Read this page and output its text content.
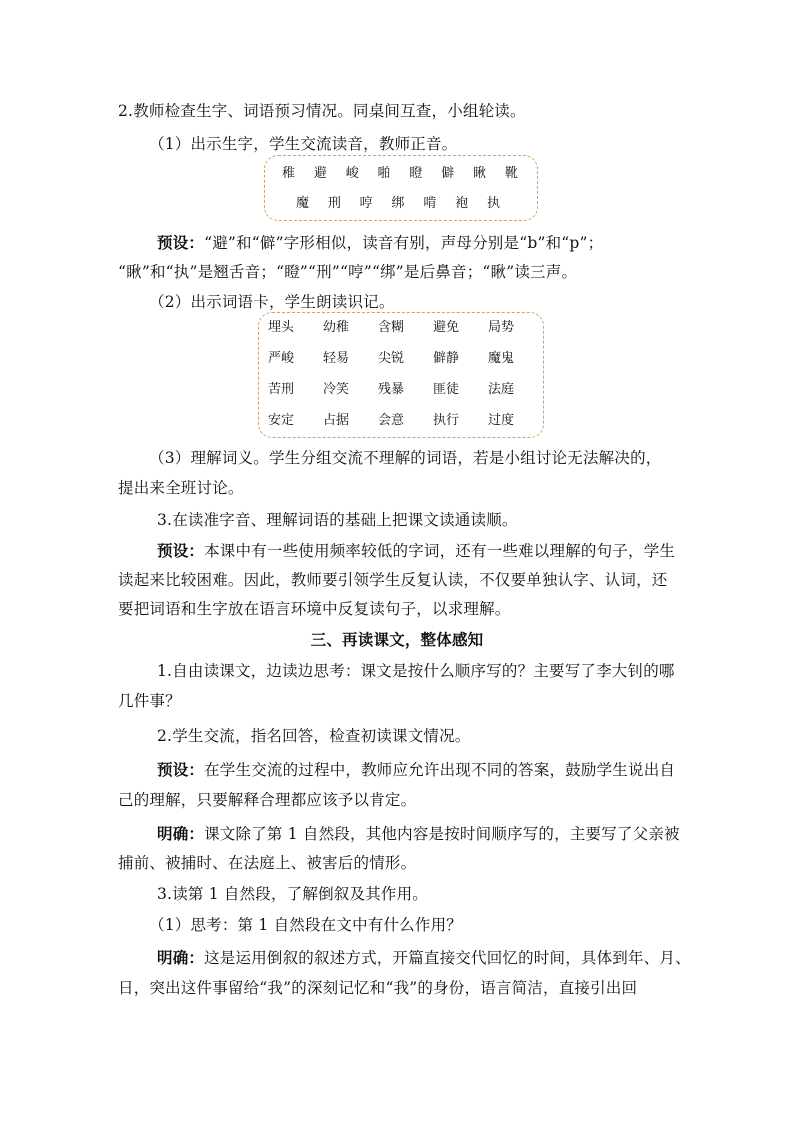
2.教师检查生字、词语预习情况。同桌间互查，小组轮读。
（1）出示生字，学生交流读音，教师正音。
稚 避 峻 啪 瞪 僻 瞅 靴
魔 刑 哼 绑 啃 袍 执
预设：“避”和“僻”字形相似，读音有别，声母分别是“b”和“p”；
“瞅”和“执”是翘舌音；“瞪”“刑”“哼”“绑”是后鼻音；“瞅”读三声。
（2）出示词语卡，学生朗读识记。
埋头	幼稚	含糊	避免	局势
严峻	轻易	尖锐	僻静	魔鬼
苦刑	冷笑	残暴	匪徒	法庭
安定	占据	会意	执行	过度
（3）理解词义。学生分组交流不理解的词语，若是小组讨论无法解决的，
提出来全班讨论。
3.在读准字音、理解词语的基础上把课文读通读顺。
预设：本课中有一些使用频率较低的字词，还有一些难以理解的句子，学生
读起来比较困难。因此，教师要引领学生反复认读，不仅要单独认字、认词，还
要把词语和生字放在语言环境中反复读句子，以求理解。
三、再读课文，整体感知
1.自由读课文，边读边思考：课文是按什么顺序写的？主要写了李大钊的哪
几件事？
2.学生交流，指名回答，检查初读课文情况。
预设：在学生交流的过程中，教师应允许出现不同的答案，鼓励学生说出自
己的理解，只要解释合理都应该予以肯定。
明确：课文除了第 1 自然段，其他内容是按时间顺序写的，主要写了父亲被
捕前、被捕时、在法庭上、被害后的情形。
3.读第 1 自然段，了解倒叙及其作用。
（1）思考：第 1 自然段在文中有什么作用？
明确：这是运用倒叙的叙述方式，开篇直接交代回忆的时间，具体到年、月、
日，突出这件事留给“我”的深刻记忆和“我”的身份，语言简洁，直接引出回
